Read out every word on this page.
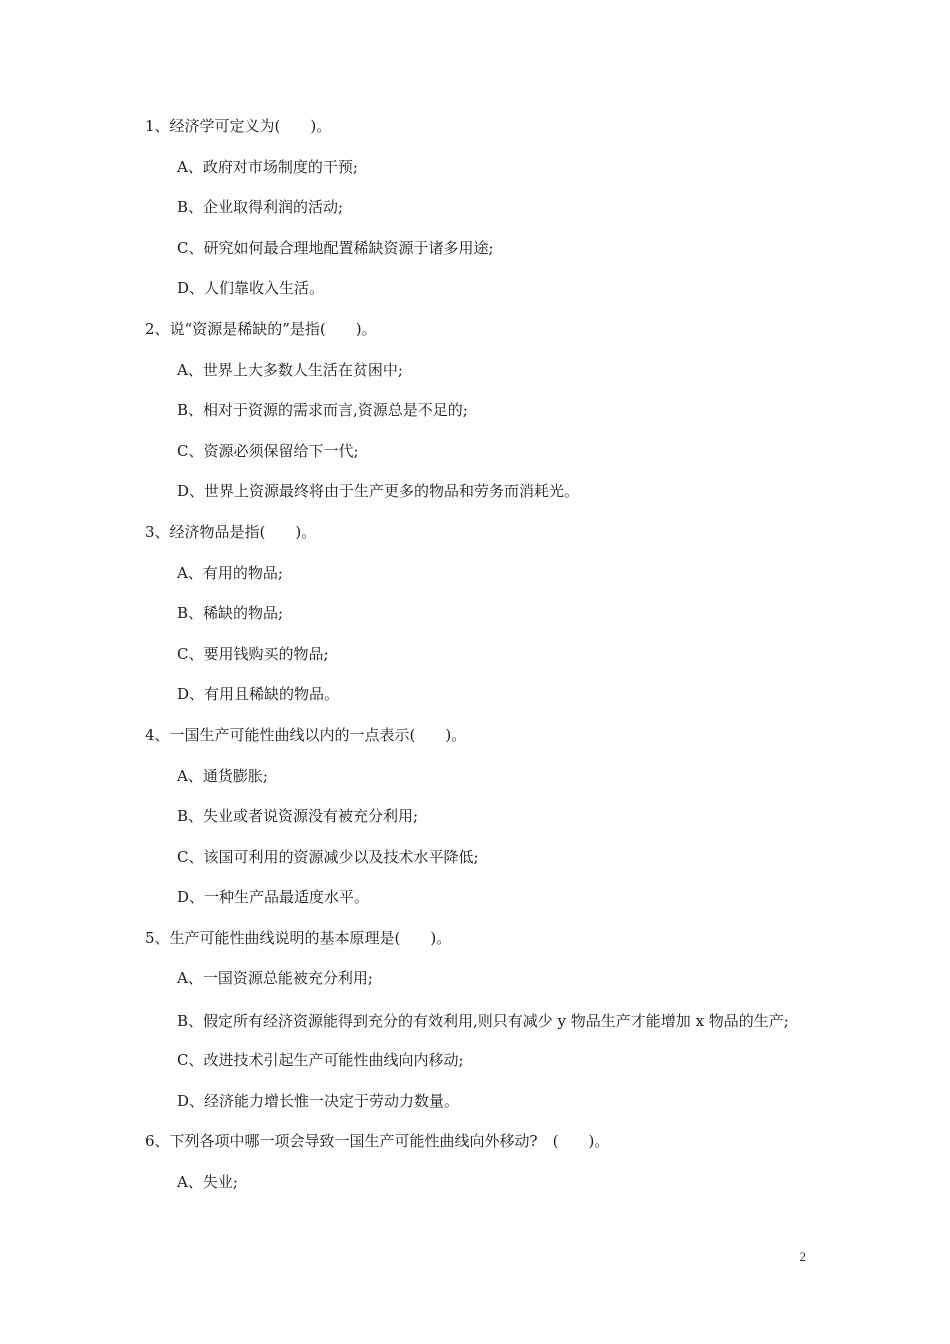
1、经济学可定义为(　　)。

A、政府对市场制度的干预;

B、企业取得利润的活动;

C、研究如何最合理地配置稀缺资源于诸多用途;

D、人们靠收入生活。

2、说“资源是稀缺的”是指(　　)。

A、世界上大多数人生活在贫困中;

B、相对于资源的需求而言,资源总是不足的;

C、资源必须保留给下一代;

D、世界上资源最终将由于生产更多的物品和劳务而消耗光。

3、经济物品是指(　　)。

A、有用的物品;

B、稀缺的物品;

C、要用钱购买的物品;

D、有用且稀缺的物品。

4、一国生产可能性曲线以内的一点表示(　　)。

A、通货膨胀;

B、失业或者说资源没有被充分利用;

C、该国可利用的资源减少以及技术水平降低;

D、一种生产品最适度水平。

5、生产可能性曲线说明的基本原理是(　　)。

A、一国资源总能被充分利用;

B、假定所有经济资源能得到充分的有效利用,则只有减少 y 物品生产才能增加 x 物品的生产;

C、改进技术引起生产可能性曲线向内移动;

D、经济能力增长惟一决定于劳动力数量。

6、下列各项中哪一项会导致一国生产可能性曲线向外移动?　(　　)。

A、失业;

2
